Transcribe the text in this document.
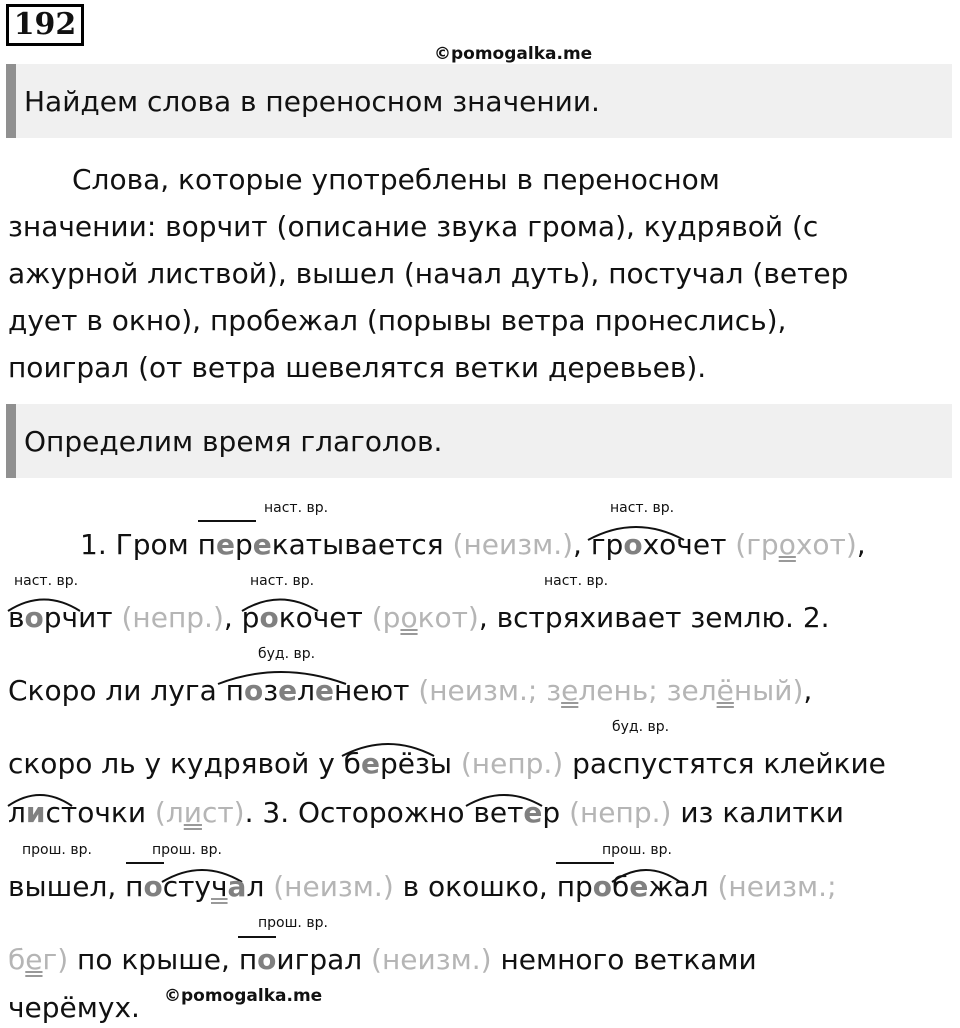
192
©pomogalka.me
Найдем слова в переносном значении.
Слова, которые употреблены в переносном
значении: ворчит (описание звука грома), кудрявой (с
ажурной листвой), вышел (начал дуть), постучал (ветер
дует в окно), пробежал (порывы ветра пронеслись),
поиграл (от ветра шевелятся ветки деревьев).
Определим время глаголов.
наст. вр.	наст. вр.
наст. вр.	наст. вр.	наст. вр.
буд. вр.
буд. вр.
прош. вр.	прош. вр.	прош. вр.
прош. вр.
1. Гром перекатывается (неизм.), грохочет (грохот),
ворчит (непр.), рокочет (рокот), встряхивает землю. 2.
Скоро ли луга позеленеют (неизм.; зелень; зелёный),
скоро ль у кудрявой у берёзы (непр.) распустятся клейкие
листочки (лист). 3. Осторожно ветер (непр.) из калитки
вышел, постучал (неизм.) в окошко, пробежал (неизм.;
бег) по крыше, поиграл (неизм.) немного ветками
черёмух. ©pomogalka.me
